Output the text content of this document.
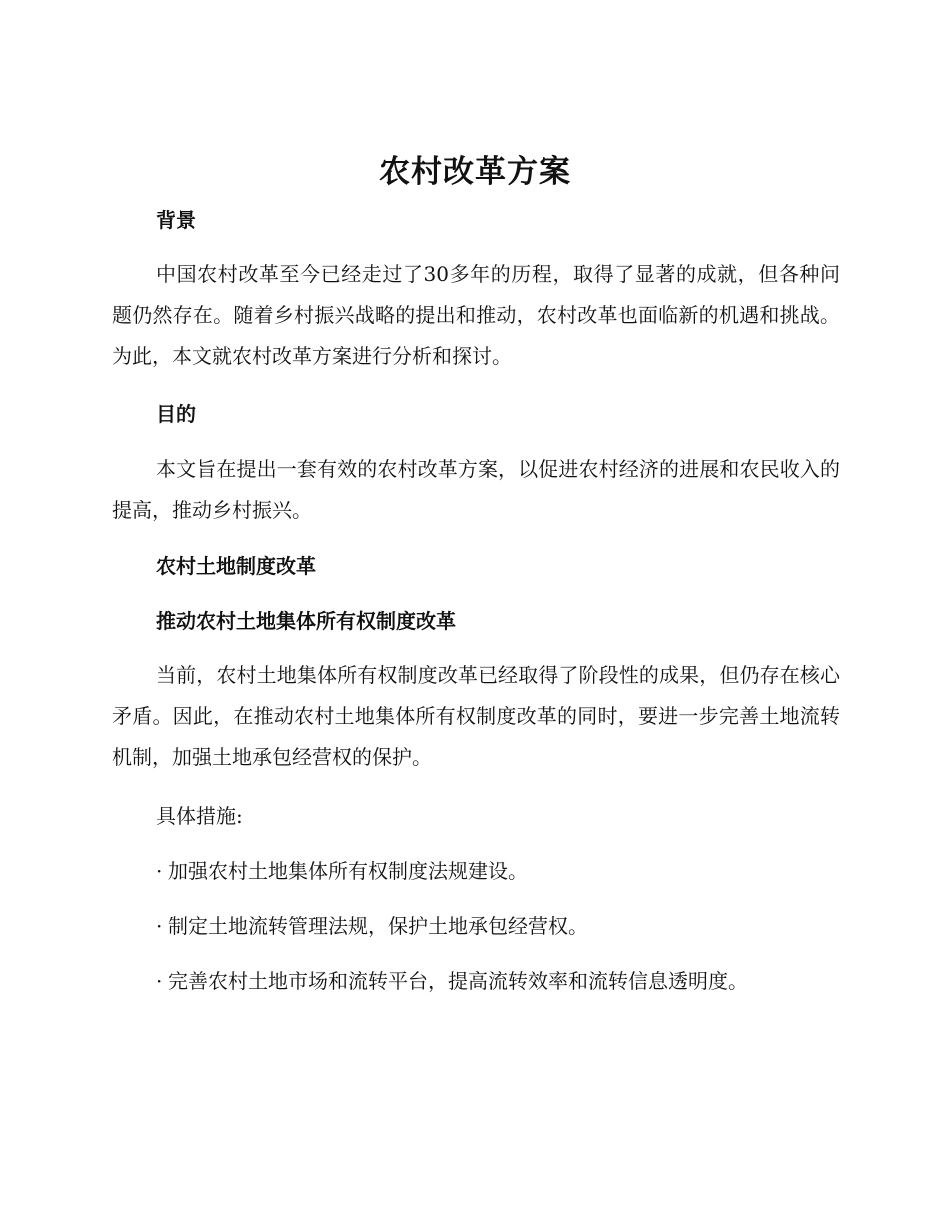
农村改革方案
背景
中国农村改革至今已经走过了30多年的历程，取得了显著的成就，但各种问题仍然存在。随着乡村振兴战略的提出和推动，农村改革也面临新的机遇和挑战。为此，本文就农村改革方案进行分析和探讨。
目的
本文旨在提出一套有效的农村改革方案，以促进农村经济的进展和农民收入的提高，推动乡村振兴。
农村土地制度改革
推动农村土地集体所有权制度改革
当前，农村土地集体所有权制度改革已经取得了阶段性的成果，但仍存在核心矛盾。因此，在推动农村土地集体所有权制度改革的同时，要进一步完善土地流转机制，加强土地承包经营权的保护。
具体措施:
· 加强农村土地集体所有权制度法规建设。
· 制定土地流转管理法规，保护土地承包经营权。
· 完善农村土地市场和流转平台，提高流转效率和流转信息透明度。
